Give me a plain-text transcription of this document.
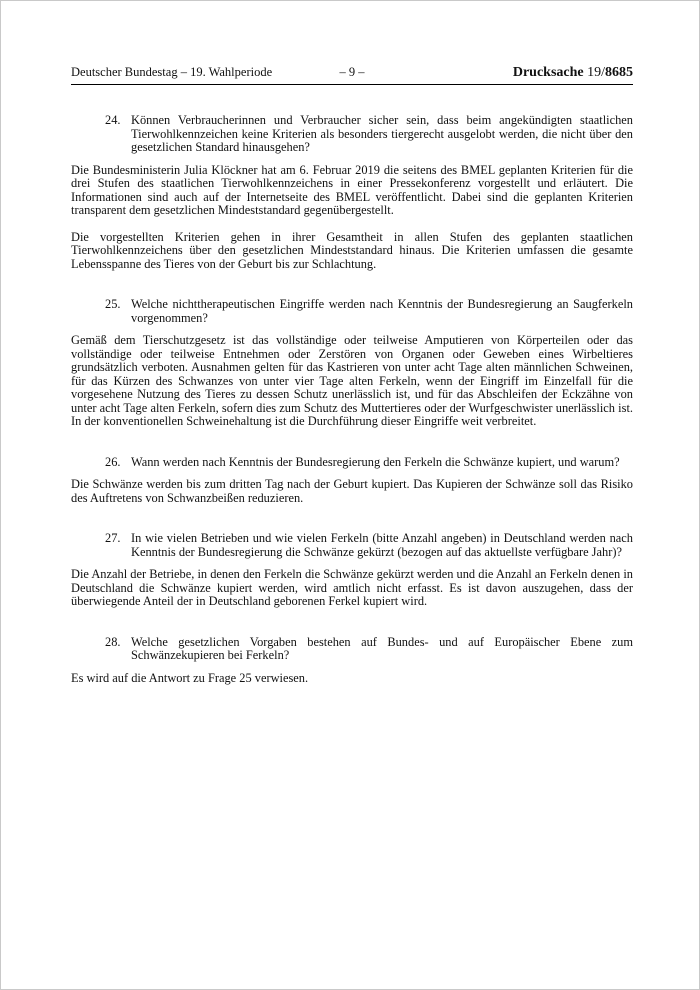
Deutscher Bundestag – 19. Wahlperiode	– 9 –	Drucksache 19/8685
24. Können Verbraucherinnen und Verbraucher sicher sein, dass beim angekündigten staatlichen Tierwohlkennzeichen keine Kriterien als besonders tiergerecht ausgelobt werden, die nicht über den gesetzlichen Standard hinausgehen?

Die Bundesministerin Julia Klöckner hat am 6. Februar 2019 die seitens des BMEL geplanten Kriterien für die drei Stufen des staatlichen Tierwohlkennzeichens in einer Pressekonferenz vorgestellt und erläutert. Die Informationen sind auch auf der Internetseite des BMEL veröffentlicht. Dabei sind die geplanten Kriterien transparent dem gesetzlichen Mindeststandard gegenübergestellt.

Die vorgestellten Kriterien gehen in ihrer Gesamtheit in allen Stufen des geplanten staatlichen Tierwohlkennzeichens über den gesetzlichen Mindeststandard hinaus. Die Kriterien umfassen die gesamte Lebensspanne des Tieres von der Geburt bis zur Schlachtung.

25. Welche nichttherapeutischen Eingriffe werden nach Kenntnis der Bundesregierung an Saugferkeln vorgenommen?

Gemäß dem Tierschutzgesetz ist das vollständige oder teilweise Amputieren von Körperteilen oder das vollständige oder teilweise Entnehmen oder Zerstören von Organen oder Geweben eines Wirbeltieres grundsätzlich verboten. Ausnahmen gelten für das Kastrieren von unter acht Tage alten männlichen Schweinen, für das Kürzen des Schwanzes von unter vier Tage alten Ferkeln, wenn der Eingriff im Einzelfall für die vorgesehene Nutzung des Tieres zu dessen Schutz unerlässlich ist, und für das Abschleifen der Eckzähne von unter acht Tage alten Ferkeln, sofern dies zum Schutz des Muttertieres oder der Wurfgeschwister unerlässlich ist. In der konventionellen Schweinehaltung ist die Durchführung dieser Eingriffe weit verbreitet.

26. Wann werden nach Kenntnis der Bundesregierung den Ferkeln die Schwänze kupiert, und warum?

Die Schwänze werden bis zum dritten Tag nach der Geburt kupiert. Das Kupieren der Schwänze soll das Risiko des Auftretens von Schwanzbeißen reduzieren.

27. In wie vielen Betrieben und wie vielen Ferkeln (bitte Anzahl angeben) in Deutschland werden nach Kenntnis der Bundesregierung die Schwänze gekürzt (bezogen auf das aktuellste verfügbare Jahr)?

Die Anzahl der Betriebe, in denen den Ferkeln die Schwänze gekürzt werden und die Anzahl an Ferkeln denen in Deutschland die Schwänze kupiert werden, wird amtlich nicht erfasst. Es ist davon auszugehen, dass der überwiegende Anteil der in Deutschland geborenen Ferkel kupiert wird.

28. Welche gesetzlichen Vorgaben bestehen auf Bundes- und auf Europäischer Ebene zum Schwänzekupieren bei Ferkeln?

Es wird auf die Antwort zu Frage 25 verwiesen.
